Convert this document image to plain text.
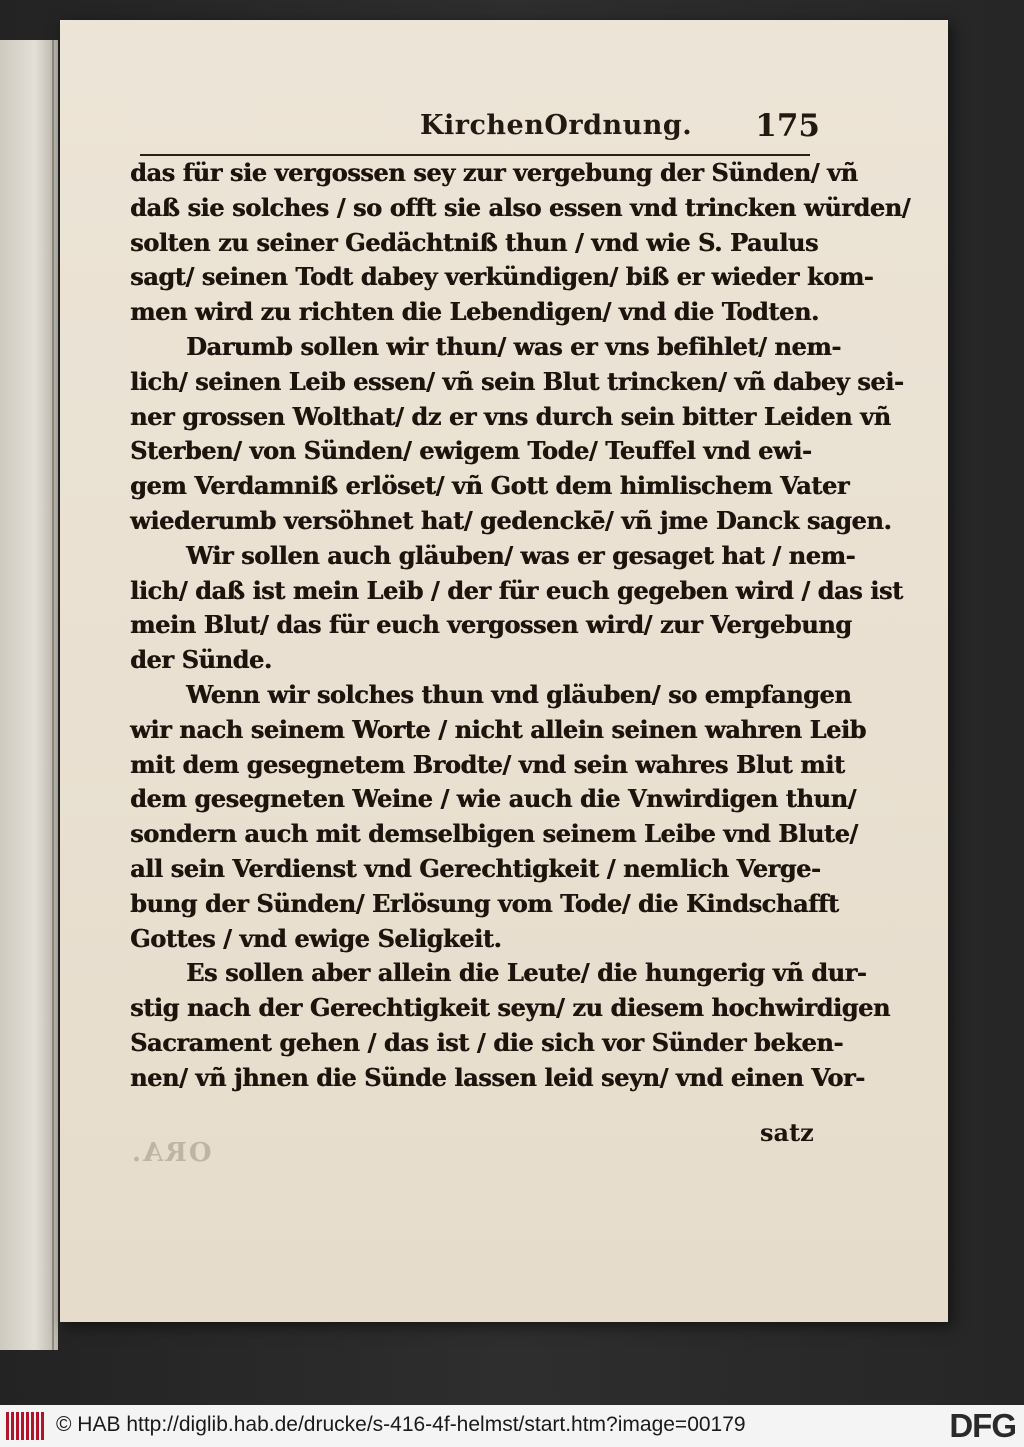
KirchenOrdnung. 175
das für sie vergossen sey zur vergebung der Sünden/ vñ
daß sie solches / so offt sie also essen vnd trincken würden/
solten zu seiner Gedächtniß thun / vnd wie S. Paulus
sagt/ seinen Todt dabey verkündigen/ biß er wieder kom-
men wird zu richten die Lebendigen/ vnd die Todten.
Darumb sollen wir thun/ was er vns befihlet/ nem-
lich/ seinen Leib essen/ vñ sein Blut trincken/ vñ dabey sei-
ner grossen Wolthat/ dz er vns durch sein bitter Leiden vñ
Sterben/ von Sünden/ ewigem Tode/ Teuffel vnd ewi-
gem Verdamniß erlöset/ vñ Gott dem himlischem Vater
wiederumb versöhnet hat/ gedenckē/ vñ jme Danck sagen.
Wir sollen auch gläuben/ was er gesaget hat / nem-
lich/ daß ist mein Leib / der für euch gegeben wird / das ist
mein Blut/ das für euch vergossen wird/ zur Vergebung
der Sünde.
Wenn wir solches thun vnd gläuben/ so empfangen
wir nach seinem Worte / nicht allein seinen wahren Leib
mit dem gesegnetem Brodte/ vnd sein wahres Blut mit
dem gesegneten Weine / wie auch die Vnwirdigen thun/
sondern auch mit demselbigen seinem Leibe vnd Blute/
all sein Verdienst vnd Gerechtigkeit / nemlich Verge-
bung der Sünden/ Erlösung vom Tode/ die Kindschafft
Gottes / vnd ewige Seligkeit.
Es sollen aber allein die Leute/ die hungerig vñ dur-
stig nach der Gerechtigkeit seyn/ zu diesem hochwirdigen
Sacrament gehen / das ist / die sich vor Sünder beken-
nen/ vñ jhnen die Sünde lassen leid seyn/ vnd einen Vor-
ORA.
satz
© HAB http://diglib.hab.de/drucke/s-416-4f-helmst/start.htm?image=00179	DFG
